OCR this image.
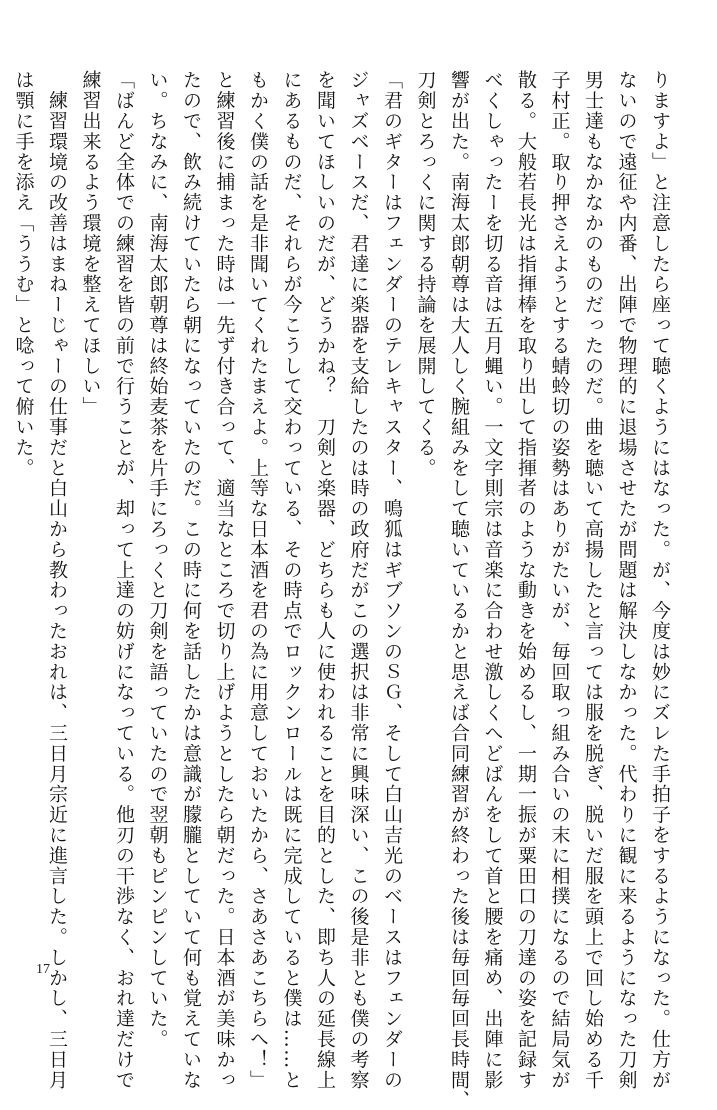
りますよ」と注意したら座って聴くようにはなった。が、今度は妙にズレた手拍子をするようになった。仕方が
ないので遠征や内番、出陣で物理的に退場させたが問題は解決しなかった。代わりに観に来るようになった刀剣
男士達もなかなかのものだったのだ。曲を聴いて高揚したと言っては服を脱ぎ、脱いだ服を頭上で回し始める千
子村正。取り押さえようとする蜻蛉切の姿勢はありがたいが、毎回取っ組み合いの末に相撲になるので結局気が
散る。大般若長光は指揮棒を取り出して指揮者のような動きを始めるし、一期一振が粟田口の刀達の姿を記録す
べくしゃったーを切る音は五月蝿い。一文字則宗は音楽に合わせ激しくへどばんをして首と腰を痛め、出陣に影
響が出た。南海太郎朝尊は大人しく腕組みをして聴いているかと思えば合同練習が終わった後は毎回毎回長時間、
刀剣とろっくに関する持論を展開してくる。
「君のギターはフェンダーのテレキャスター、鳴狐はギブソンのＳＧ、そして白山吉光のベースはフェンダーの
ジャズベースだ、君達に楽器を支給したのは時の政府だがこの選択は非常に興味深い、この後是非とも僕の考察
を聞いてほしいのだが、どうかね？　刀剣と楽器、どちらも人に使われることを目的とした、即ち人の延長線上
にあるものだ、それらが今こうして交わっている、その時点でロックンロールは既に完成していると僕は……と
もかく僕の話を是非聞いてくれたまえよ。上等な日本酒を君の為に用意しておいたから、さあさあこちらへ！」
と練習後に捕まった時は一先ず付き合って、適当なところで切り上げようとしたら朝だった。日本酒が美味かっ
たので、飲み続けていたら朝になっていたのだ。この時に何を話したかは意識が朦朧としていて何も覚えていな
い。ちなみに、南海太郎朝尊は終始麦茶を片手にろっくと刀剣を語っていたので翌朝もピンピンしていた。
「ばんど全体での練習を皆の前で行うことが、却って上達の妨げになっている。他刃の干渉なく、おれ達だけで
練習出来るよう環境を整えてほしい」
　練習環境の改善はまねーじゃーの仕事だと白山から教わったおれは、三日月宗近に進言した。しかし、三日月
は顎に手を添え「ううむ」と唸って俯いた。
17
